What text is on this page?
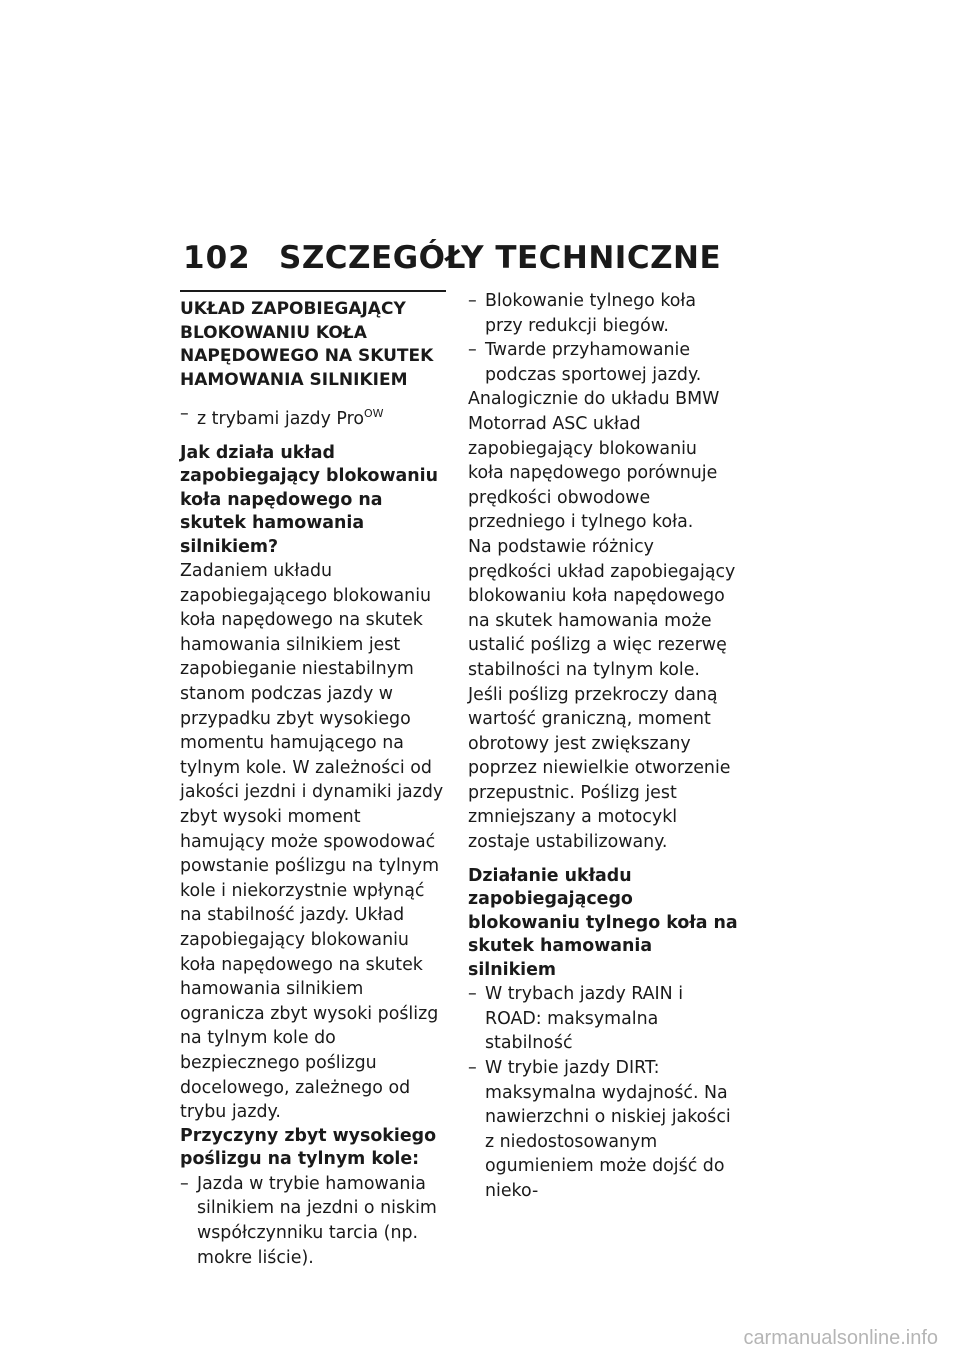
102 SZCZEGÓŁY TECHNICZNE
UKŁAD ZAPOBIEGAJĄCY BLOKOWANIU KOŁA NAPĘDOWEGO NA SKUTEK HAMOWANIA SILNIKIEM
– z trybami jazdy Pro$^{OW}$
Jak działa układ zapobiegający blokowaniu koła napędowego na skutek hamowania silnikiem?

Zadaniem układu zapobiegającego blokowaniu koła napędowego na skutek hamowania silnikiem jest zapobieganie niestabilnym stanom podczas jazdy w przypadku zbyt wysokiego momentu hamującego na tylnym kole. W zależności od jakości jezdni i dynamiki jazdy zbyt wysoki moment hamujący może spowodować powstanie poślizgu na tylnym kole i niekorzystnie wpłynąć na stabilność jazdy. Układ zapobiegający blokowaniu koła napędowego na skutek hamowania silnikiem ogranicza zbyt wysoki poślizg na tylnym kole do bezpiecznego poślizgu docelowego, zależnego od trybu jazdy.

Przyczyny zbyt wysokiego poślizgu na tylnym kole:
– Jazda w trybie hamowania silnikiem na jezdni o niskim współczynniku tarcia (np. mokre liście).
– Blokowanie tylnego koła przy redukcji biegów.
– Twarde przyhamowanie podczas sportowej jazdy.

Analogicznie do układu BMW Motorrad ASC układ zapobiegający blokowaniu koła napędowego porównuje prędkości obwodowe przedniego i tylnego koła.

Na podstawie różnicy prędkości układ zapobiegający blokowaniu koła napędowego na skutek hamowania może ustalić poślizg a więc rezerwę stabilności na tylnym kole.

Jeśli poślizg przekroczy daną wartość graniczną, moment obrotowy jest zwiększany poprzez niewielkie otworzenie przepustnic. Poślizg jest zmniejszany a motocykl zostaje ustabilizowany.

Działanie układu zapobiegającego blokowaniu tylnego koła na skutek hamowania silnikiem
– W trybach jazdy RAIN i ROAD: maksymalna stabilność
– W trybie jazdy DIRT: maksymalna wydajność. Na nawierzchni o niskiej jakości z niedostosowanym ogumieniem może dojść do nieko-
carmanualsonline.info
